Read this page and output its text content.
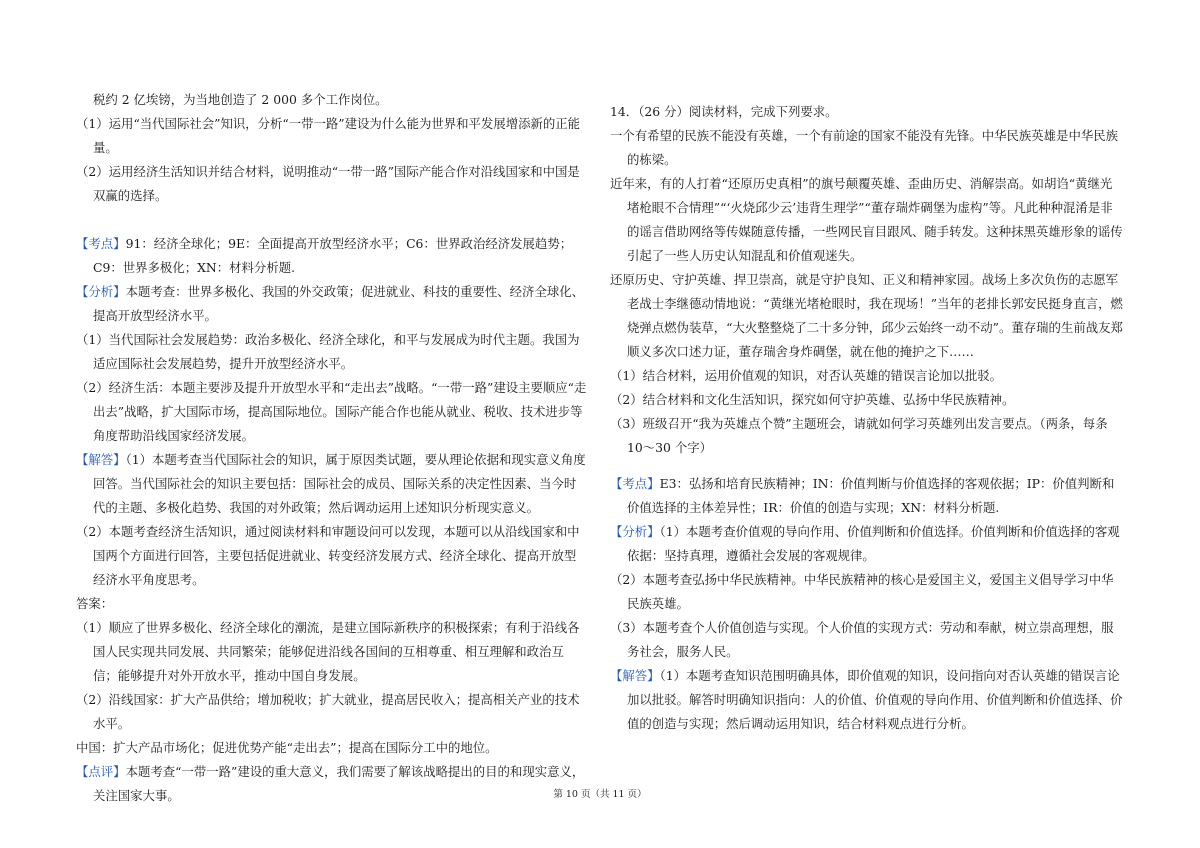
税约 2 亿埃镑，为当地创造了 2 000 多个工作岗位。

（1）运用“当代国际社会”知识，分析“一带一路”建设为什么能为世界和平发展增添新的正能量。

（2）运用经济生活知识并结合材料，说明推动“一带一路”国际产能合作对沿线国家和中国是双赢的选择。

【考点】91：经济全球化；9E：全面提高开放型经济水平；C6：世界政治经济发展趋势；C9：世界多极化；XN：材料分析题.

【分析】本题考查：世界多极化、我国的外交政策；促进就业、科技的重要性、经济全球化、提高开放型经济水平。

（1）当代国际社会发展趋势：政治多极化、经济全球化，和平与发展成为时代主题。我国为适应国际社会发展趋势，提升开放型经济水平。

（2）经济生活：本题主要涉及提升开放型水平和“走出去”战略。“一带一路”建设主要顺应“走出去”战略，扩大国际市场，提高国际地位。国际产能合作也能从就业、税收、技术进步等角度帮助沿线国家经济发展。

【解答】（1）本题考查当代国际社会的知识，属于原因类试题，要从理论依据和现实意义角度回答。当代国际社会的知识主要包括：国际社会的成员、国际关系的决定性因素、当今时代的主题、多极化趋势、我国的对外政策；然后调动运用上述知识分析现实意义。

（2）本题考查经济生活知识，通过阅读材料和审题设问可以发现，本题可以从沿线国家和中国两个方面进行回答，主要包括促进就业、转变经济发展方式、经济全球化、提高开放型经济水平角度思考。

答案：

（1）顺应了世界多极化、经济全球化的潮流，是建立国际新秩序的积极探索；有利于沿线各国人民实现共同发展、共同繁荣；能够促进沿线各国间的互相尊重、相互理解和政治互信；能够提升对外开放水平，推动中国自身发展。

（2）沿线国家：扩大产品供给；增加税收；扩大就业，提高居民收入；提高相关产业的技术水平。

中国：扩大产品市场化；促进优势产能“走出去”；提高在国际分工中的地位。

【点评】本题考查“一带一路”建设的重大意义，我们需要了解该战略提出的目的和现实意义，关注国家大事。

14．（26 分）阅读材料，完成下列要求。

一个有希望的民族不能没有英雄，一个有前途的国家不能没有先锋。中华民族英雄是中华民族的栋梁。

近年来，有的人打着“还原历史真相”的旗号颠覆英雄、歪曲历史、消解崇高。如胡诌“黄继光堵枪眼不合情理”“‘火烧邱少云’违背生理学”“董存瑞炸碉堡为虚构”等。凡此种种混淆是非的谣言借助网络等传媒随意传播，一些网民盲目跟风、随手转发。这种抹黑英雄形象的谣传引起了一些人历史认知混乱和价值观迷失。

还原历史、守护英雄、捍卫崇高，就是守护良知、正义和精神家园。战场上多次负伤的志愿军老战士李继德动情地说：“黄继光堵枪眼时，我在现场！”当年的老排长郭安民挺身直言，燃烧弹点燃伪装草，“大火整整烧了二十多分钟，邱少云始终一动不动”。董存瑞的生前战友郑顺义多次口述力证，董存瑞舍身炸碉堡，就在他的掩护之下……

（1）结合材料，运用价值观的知识，对否认英雄的错误言论加以批驳。

（2）结合材料和文化生活知识，探究如何守护英雄、弘扬中华民族精神。

（3）班级召开“我为英雄点个赞”主题班会，请就如何学习英雄列出发言要点。（两条，每条 10～30 个字）

【考点】E3：弘扬和培育民族精神；IN：价值判断与价值选择的客观依据；IP：价值判断和价值选择的主体差异性；IR：价值的创造与实现；XN：材料分析题.

【分析】（1）本题考查价值观的导向作用、价值判断和价值选择。价值判断和价值选择的客观依据：坚持真理，遵循社会发展的客观规律。

（2）本题考查弘扬中华民族精神。中华民族精神的核心是爱国主义，爱国主义倡导学习中华民族英雄。

（3）本题考查个人价值创造与实现。个人价值的实现方式：劳动和奉献，树立崇高理想，服务社会，服务人民。

【解答】（1）本题考查知识范围明确具体，即价值观的知识，设问指向对否认英雄的错误言论加以批驳。解答时明确知识指向：人的价值、价值观的导向作用、价值判断和价值选择、价值的创造与实现；然后调动运用知识，结合材料观点进行分析。

第 10 页（共 11 页）
